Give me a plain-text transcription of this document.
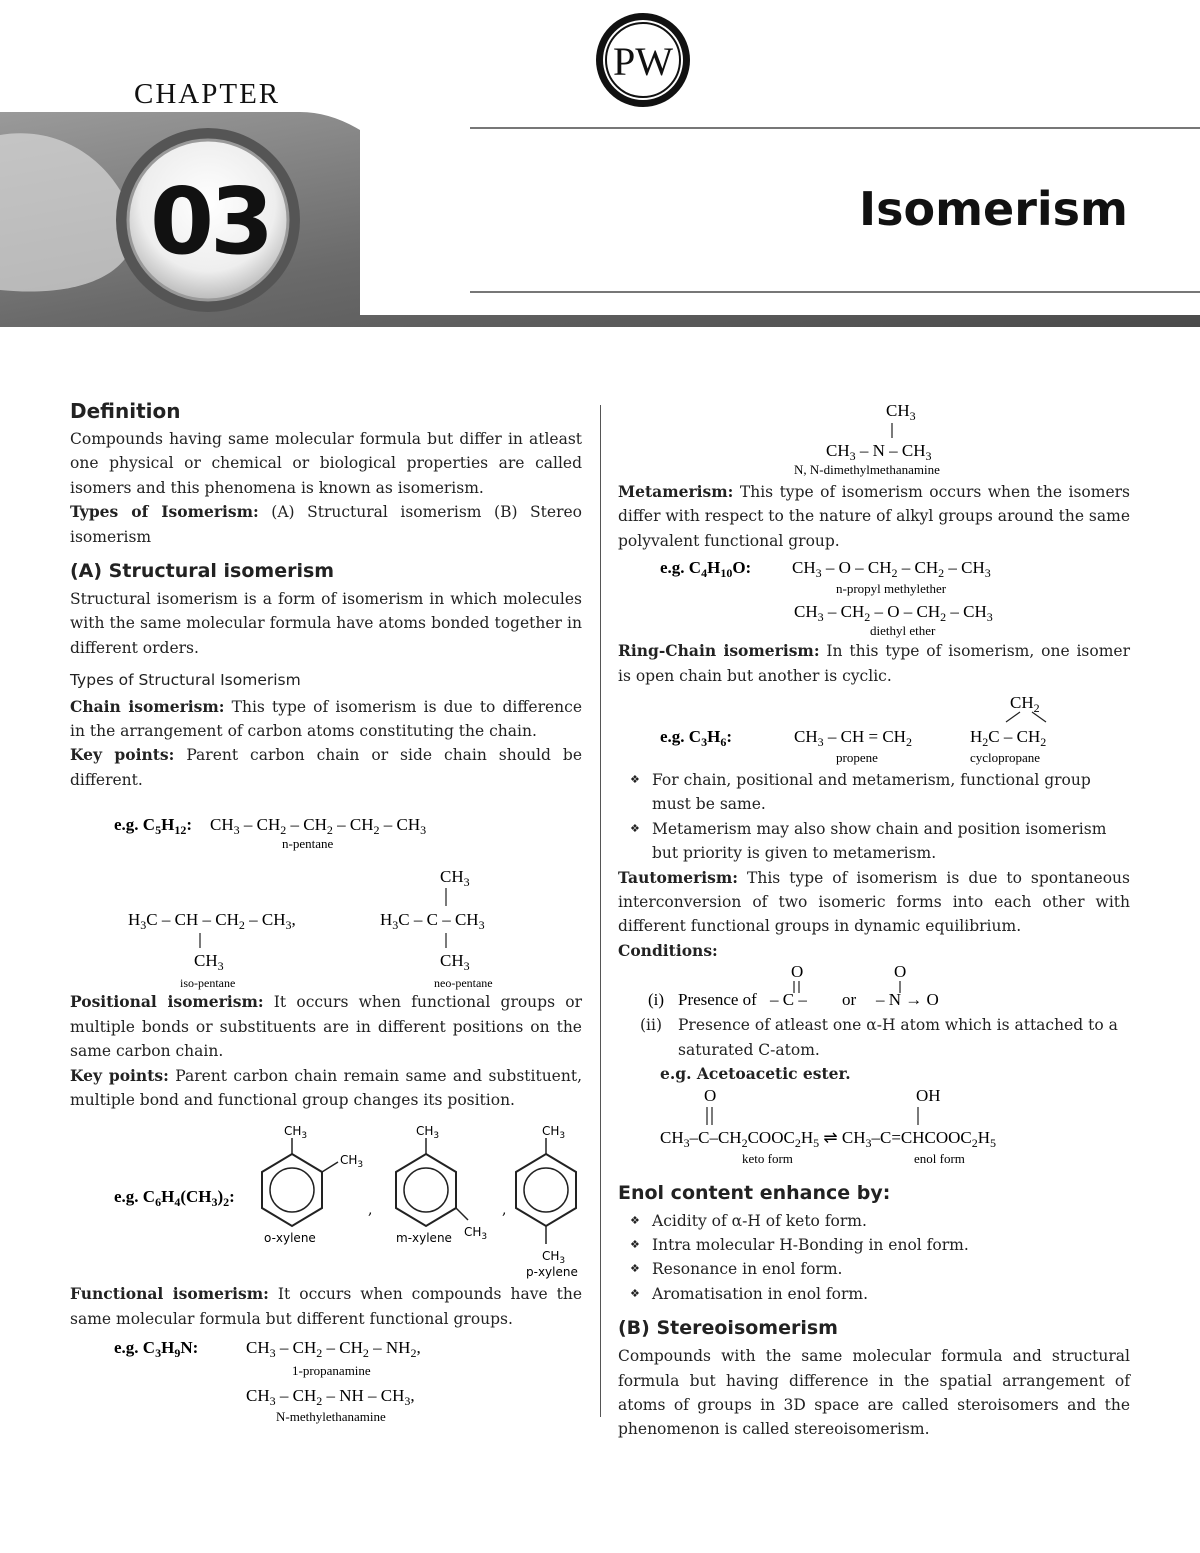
PW
CHAPTER
03	Isomerism
Definition

Compounds having same molecular formula but differ in atleast one physical or chemical or biological properties are called isomers and this phenomena is known as isomerism.

Types of Isomerism: (A) Structural isomerism (B) Stereo isomerism

(A) Structural isomerism

Structural isomerism is a form of isomerism in which molecules with the same molecular formula have atoms bonded together in different orders.

Types of Structural Isomerism

Chain isomerism: This type of isomerism is due to difference in the arrangement of carbon atoms constituting the chain.

Key points: Parent carbon chain or side chain should be different.

e.g. $C_5H_{12}$: $CH_3 - CH_2 - CH_2 - CH_2 - CH_3$
n-pentane
$H_3C$ – CH – $CH_2 - CH_3$,
$CH_3$
iso-pentane
$CH_3$
$H_3C$ – C – $CH_3$
$CH_3$
neo-pentane

Positional isomerism: It occurs when functional groups or multiple bonds or substituents are in different positions on the same carbon chain.

Key points: Parent carbon chain remain same and substituent, multiple bond and functional group changes its position.

e.g. $C_6H_4(CH_3)_2$:
$CH_3$
$CH_3$
o-xylene
,
$CH_3$
$CH_3$
m-xylene
,
$CH_3$
$CH_3$
p-xylene

Functional isomerism: It occurs when compounds have the same molecular formula but different functional groups.

e.g. $C_3H_9N$:	$CH_3 - CH_2 - CH_2 - NH_2$,
1-propanamine
$CH_3 - CH_2$ – NH – $CH_3$,
N-methylethanamine
$CH_3$
$CH_3$ – N – $CH_3$
N, N-dimethylmethanamine

Metamerism: This type of isomerism occurs when the isomers differ with respect to the nature of alkyl groups around the same polyvalent functional group.

e.g. $C_4H_{10}O$: $CH_3$ – O – $CH_2 - CH_2 - CH_3$
n-propyl methylether
$CH_3 - CH_2$ – O – $CH_2 - CH_3$
diethyl ether

Ring-Chain isomerism: In this type of isomerism, one isomer is open chain but another is cyclic.

$CH_2$
e.g. $C_3H_6$:	$CH_3$ – CH = $CH_2$	$H_2C - CH_2$
propene	cyclopropane
❖ For chain, positional and metamerism, functional group must be same.
❖ Metamerism may also show chain and position isomerism but priority is given to metamerism.

Tautomerism: This type of isomerism is due to spontaneous interconversion of two isomeric forms into each other with different functional groups in dynamic equilibrium.

Conditions:

(i) Presence of – C –
O
or – N → O
O
(ii) Presence of atleast one α-H atom which is attached to a saturated C-atom.

e.g. Acetoacetic ester.

O	OH
$CH_3-C-CH_2COOC_2H_5$ ⇌ $CH_3-C=CHCOOC_2H_5$
keto form	enol form
Enol content enhance by:
❖ Acidity of α-H of keto form.
❖ Intra molecular H-Bonding in enol form.
❖ Resonance in enol form.
❖ Aromatisation in enol form.
(B) Stereoisomerism

Compounds with the same molecular formula and structural formula but having difference in the spatial arrangement of atoms of groups in 3D space are called steroisomers and the phenomenon is called stereoisomerism.
